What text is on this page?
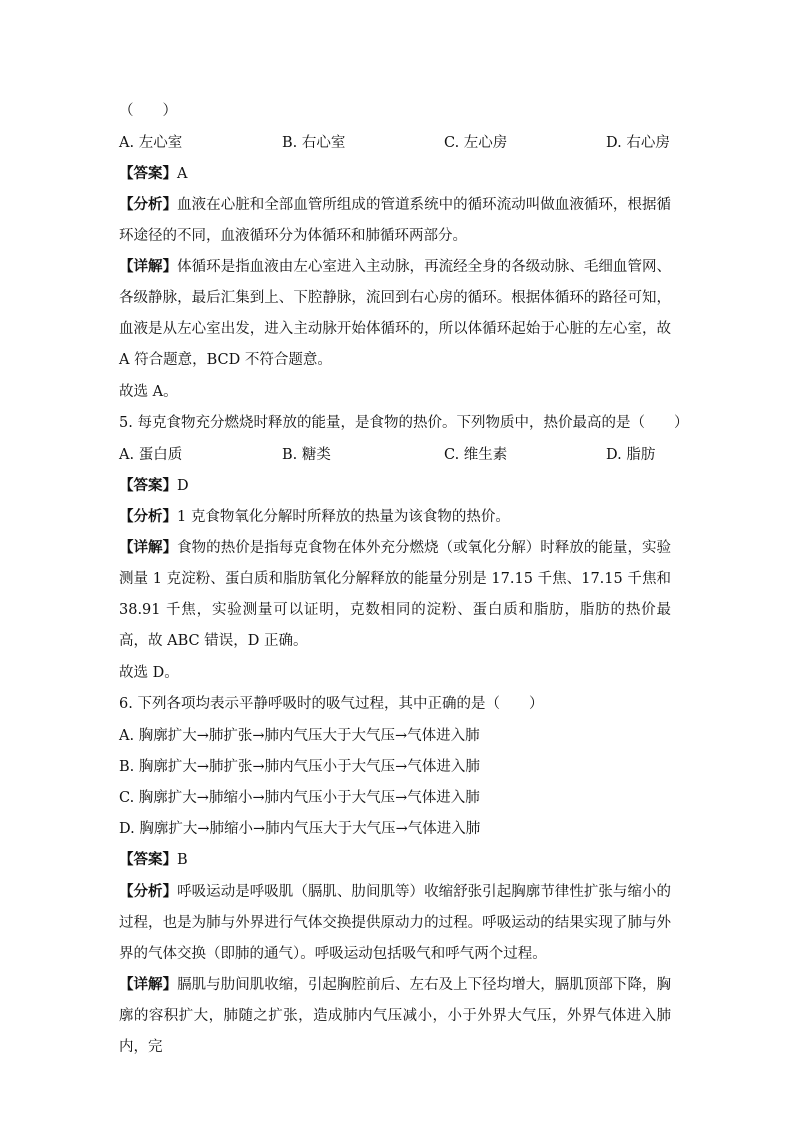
（　　）
A. 左心室	B. 右心室	C. 左心房	D. 右心房
【答案】A
【分析】血液在心脏和全部血管所组成的管道系统中的循环流动叫做血液循环，根据循环途径的不同，血液循环分为体循环和肺循环两部分。
【详解】体循环是指血液由左心室进入主动脉，再流经全身的各级动脉、毛细血管网、各级静脉，最后汇集到上、下腔静脉，流回到右心房的循环。根据体循环的路径可知，血液是从左心室出发，进入主动脉开始体循环的，所以体循环起始于心脏的左心室，故 A 符合题意，BCD 不符合题意。
故选 A。
5. 每克食物充分燃烧时释放的能量，是食物的热价。下列物质中，热价最高的是（　　）
A. 蛋白质	B. 糖类	C. 维生素	D. 脂肪
【答案】D
【分析】1 克食物氧化分解时所释放的热量为该食物的热价。
【详解】食物的热价是指每克食物在体外充分燃烧（或氧化分解）时释放的能量，实验测量 1 克淀粉、蛋白质和脂肪氧化分解释放的能量分别是 17.15 千焦、17.15 千焦和 38.91 千焦，实验测量可以证明，克数相同的淀粉、蛋白质和脂肪，脂肪的热价最高，故 ABC 错误，D 正确。
故选 D。
6. 下列各项均表示平静呼吸时的吸气过程，其中正确的是（　　）
A. 胸廓扩大→肺扩张→肺内气压大于大气压→气体进入肺
B. 胸廓扩大→肺扩张→肺内气压小于大气压→气体进入肺
C. 胸廓扩大→肺缩小→肺内气压小于大气压→气体进入肺
D. 胸廓扩大→肺缩小→肺内气压大于大气压→气体进入肺
【答案】B
【分析】呼吸运动是呼吸肌（膈肌、肋间肌等）收缩舒张引起胸廓节律性扩张与缩小的过程，也是为肺与外界进行气体交换提供原动力的过程。呼吸运动的结果实现了肺与外界的气体交换（即肺的通气）。呼吸运动包括吸气和呼气两个过程。
【详解】膈肌与肋间肌收缩，引起胸腔前后、左右及上下径均增大，膈肌顶部下降，胸廓的容积扩大，肺随之扩张，造成肺内气压减小，小于外界大气压，外界气体进入肺内，完
